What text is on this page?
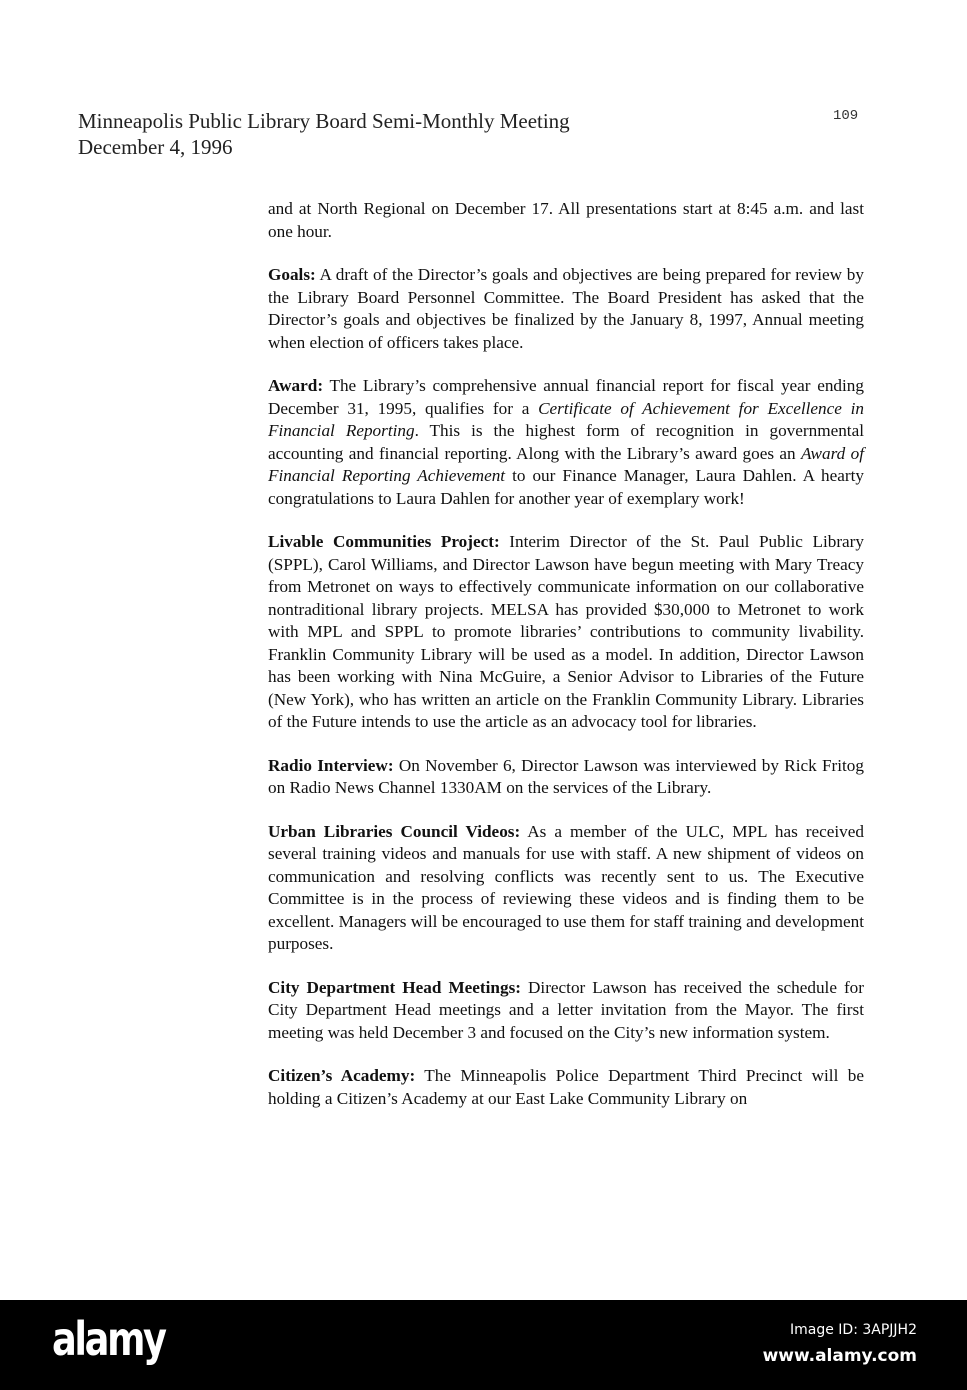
Minneapolis Public Library Board Semi-Monthly Meeting
December 4, 1996
109

and at North Regional on December 17. All presentations start at 8:45 a.m. and last one hour.

Goals: A draft of the Director’s goals and objectives are being prepared for review by the Library Board Personnel Committee. The Board President has asked that the Director’s goals and objectives be finalized by the January 8, 1997, Annual meeting when election of officers takes place.

Award: The Library’s comprehensive annual financial report for fiscal year ending December 31, 1995, qualifies for a Certificate of Achievement for Excellence in Financial Reporting. This is the highest form of recognition in governmental accounting and financial reporting. Along with the Library’s award goes an Award of Financial Reporting Achievement to our Finance Manager, Laura Dahlen. A hearty congratulations to Laura Dahlen for another year of exemplary work!

Livable Communities Project: Interim Director of the St. Paul Public Library (SPPL), Carol Williams, and Director Lawson have begun meeting with Mary Treacy from Metronet on ways to effectively communicate information on our collaborative nontraditional library projects. MELSA has provided $30,000 to Metronet to work with MPL and SPPL to promote libraries’ contributions to community livability. Franklin Community Library will be used as a model. In addition, Director Lawson has been working with Nina McGuire, a Senior Advisor to Libraries of the Future (New York), who has written an article on the Franklin Community Library. Libraries of the Future intends to use the article as an advocacy tool for libraries.

Radio Interview: On November 6, Director Lawson was interviewed by Rick Fritog on Radio News Channel 1330AM on the services of the Library.

Urban Libraries Council Videos: As a member of the ULC, MPL has received several training videos and manuals for use with staff. A new shipment of videos on communication and resolving conflicts was recently sent to us. The Executive Committee is in the process of reviewing these videos and is finding them to be excellent. Managers will be encouraged to use them for staff training and development purposes.

City Department Head Meetings: Director Lawson has received the schedule for City Department Head meetings and a letter invitation from the Mayor. The first meeting was held December 3 and focused on the City’s new information system.

Citizen’s Academy: The Minneapolis Police Department Third Precinct will be holding a Citizen’s Academy at our East Lake Community Library on

alamy	Image ID: 3APJJH2
www.alamy.com
